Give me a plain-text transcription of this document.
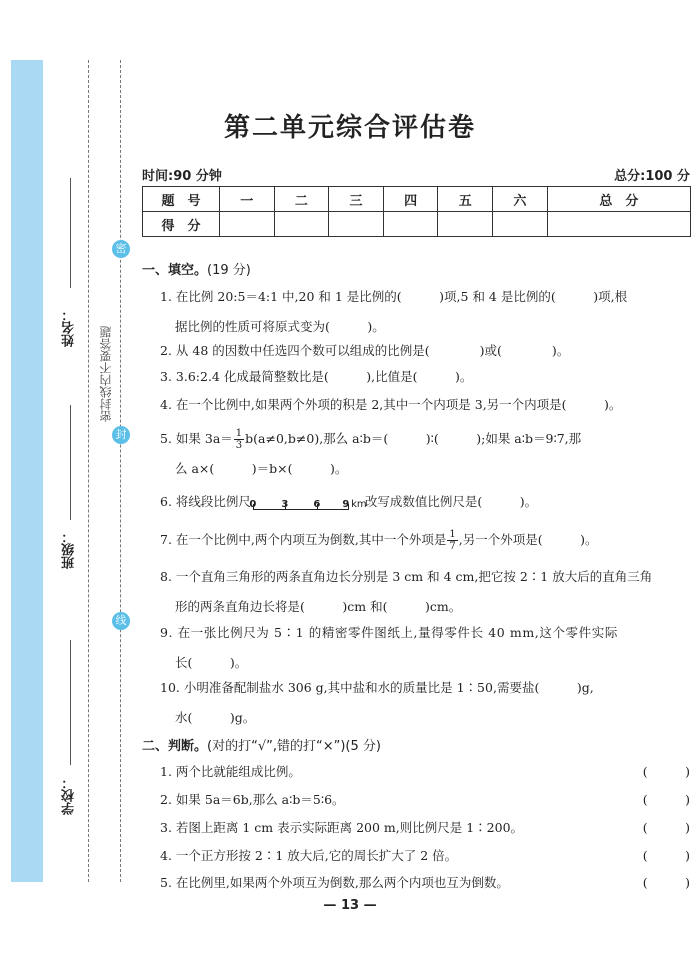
姓名：
班级：
学校：
密封线内不要答题
密
封
线
第二单元综合评估卷
时间:90 分钟	总分:100 分
题　号	一	二	三	四	五	六	总　分
得　分							
一、填空。(19 分)
1. 在比例 20:5＝4:1 中,20 和 1 是比例的(　　　)项,5 和 4 是比例的(　　　)项,根
据比例的性质可将原式变为(　　　)。
2. 从 48 的因数中任选四个数可以组成的比例是(　　　　)或(　　　　)。
3. 3.6:2.4 化成最简整数比是(　　　),比值是(　　　)。
4. 在一个比例中,如果两个外项的积是 2,其中一个内项是 3,另一个内项是(　　　)。
5. 如果 $3a= \frac{1}{3} b(a\ne 0,b\ne 0)$,那么 a∶b＝(　　　)∶(　　　);如果 a∶b＝9∶7,那
么 a×(　　　)＝b×(　　　)。
6. 将线段比例尺
0	3	6 9 km
改写成数值比例尺是(　　　)。
7. 在一个比例中,两个内项互为倒数,其中一个外项是 $\frac{1}{7}$ ,另一个外项是(　　　)。
8. 一个直角三角形的两条直角边长分别是 3 cm 和 4 cm,把它按 2∶1 放大后的直角三角
形的两条直角边长将是(　　　)cm 和(　　　)cm。
9. 在一张比例尺为 5∶1 的精密零件图纸上,量得零件长 40 mm,这个零件实际
长(　　　)。
10. 小明准备配制盐水 306 g,其中盐和水的质量比是 1∶50,需要盐(　　　)g,
水(　　　)g。
二、判断。(对的打“√”,错的打“×”)(5 分)
1. 两个比就能组成比例。	(　　　)
2. 如果 5a＝6b,那么 a∶b＝5∶6。	(　　　)
3. 若图上距离 1 cm 表示实际距离 200 m,则比例尺是 1∶200。	(　　　)
4. 一个正方形按 2∶1 放大后,它的周长扩大了 2 倍。	(　　　)
5. 在比例里,如果两个外项互为倒数,那么两个内项也互为倒数。	(　　　)
— 13 —
